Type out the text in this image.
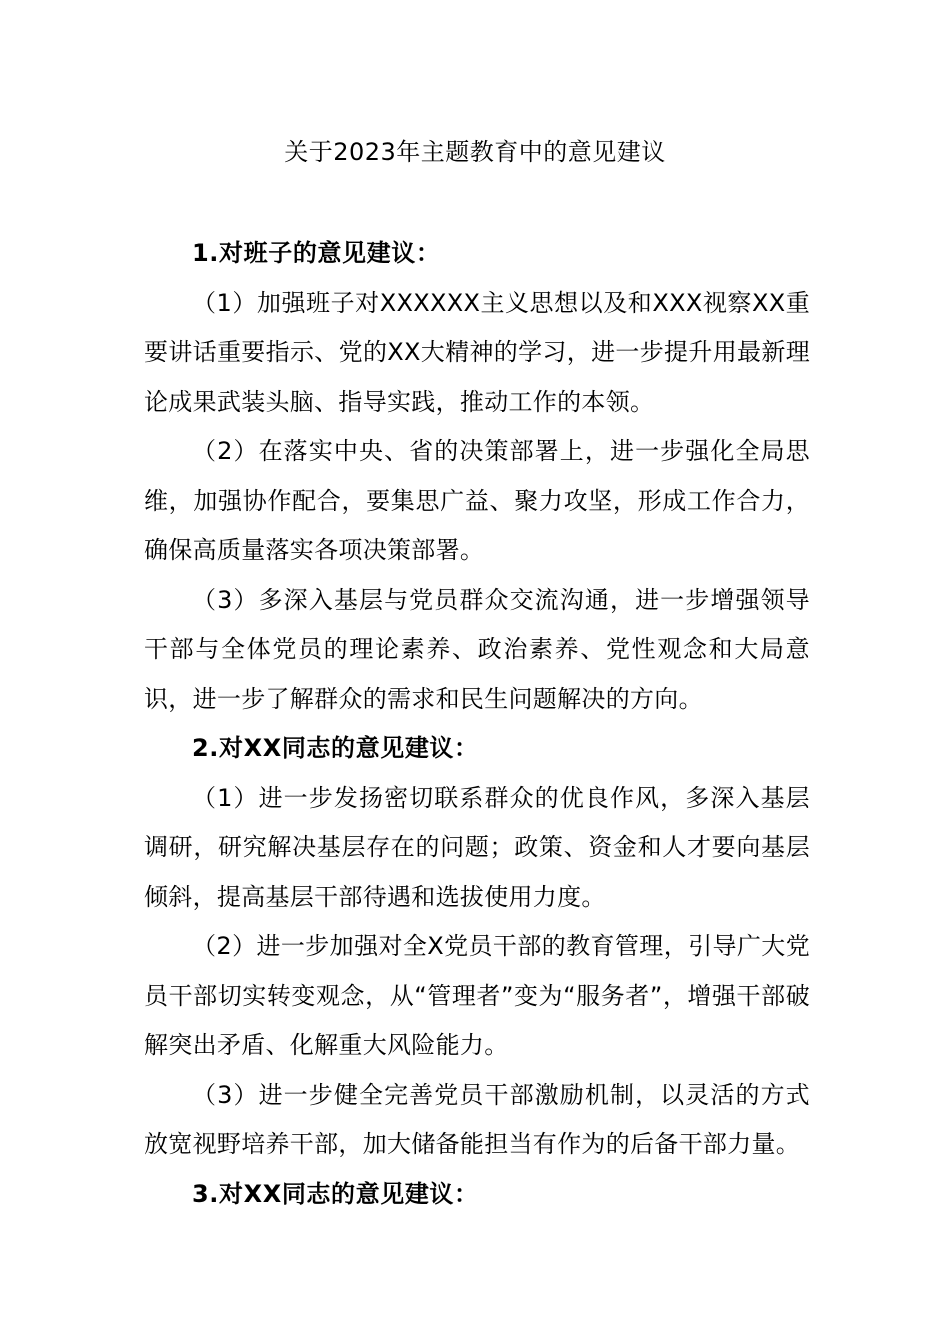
关于2023年主题教育中的意见建议

1.对班子的意见建议：

（1）加强班子对XXXXXX主义思想以及和XXX视察XX重要讲话重要指示、党的XX大精神的学习，进一步提升用最新理论成果武装头脑、指导实践，推动工作的本领。

（2）在落实中央、省的决策部署上，进一步强化全局思维，加强协作配合，要集思广益、聚力攻坚，形成工作合力，确保高质量落实各项决策部署。

（3）多深入基层与党员群众交流沟通，进一步增强领导干部与全体党员的理论素养、政治素养、党性观念和大局意识，进一步了解群众的需求和民生问题解决的方向。

2.对XX同志的意见建议：

（1）进一步发扬密切联系群众的优良作风，多深入基层调研，研究解决基层存在的问题；政策、资金和人才要向基层倾斜，提高基层干部待遇和选拔使用力度。

（2）进一步加强对全X党员干部的教育管理，引导广大党员干部切实转变观念，从“管理者”变为“服务者”，增强干部破解突出矛盾、化解重大风险能力。

（3）进一步健全完善党员干部激励机制，以灵活的方式放宽视野培养干部，加大储备能担当有作为的后备干部力量。

3.对XX同志的意见建议：
